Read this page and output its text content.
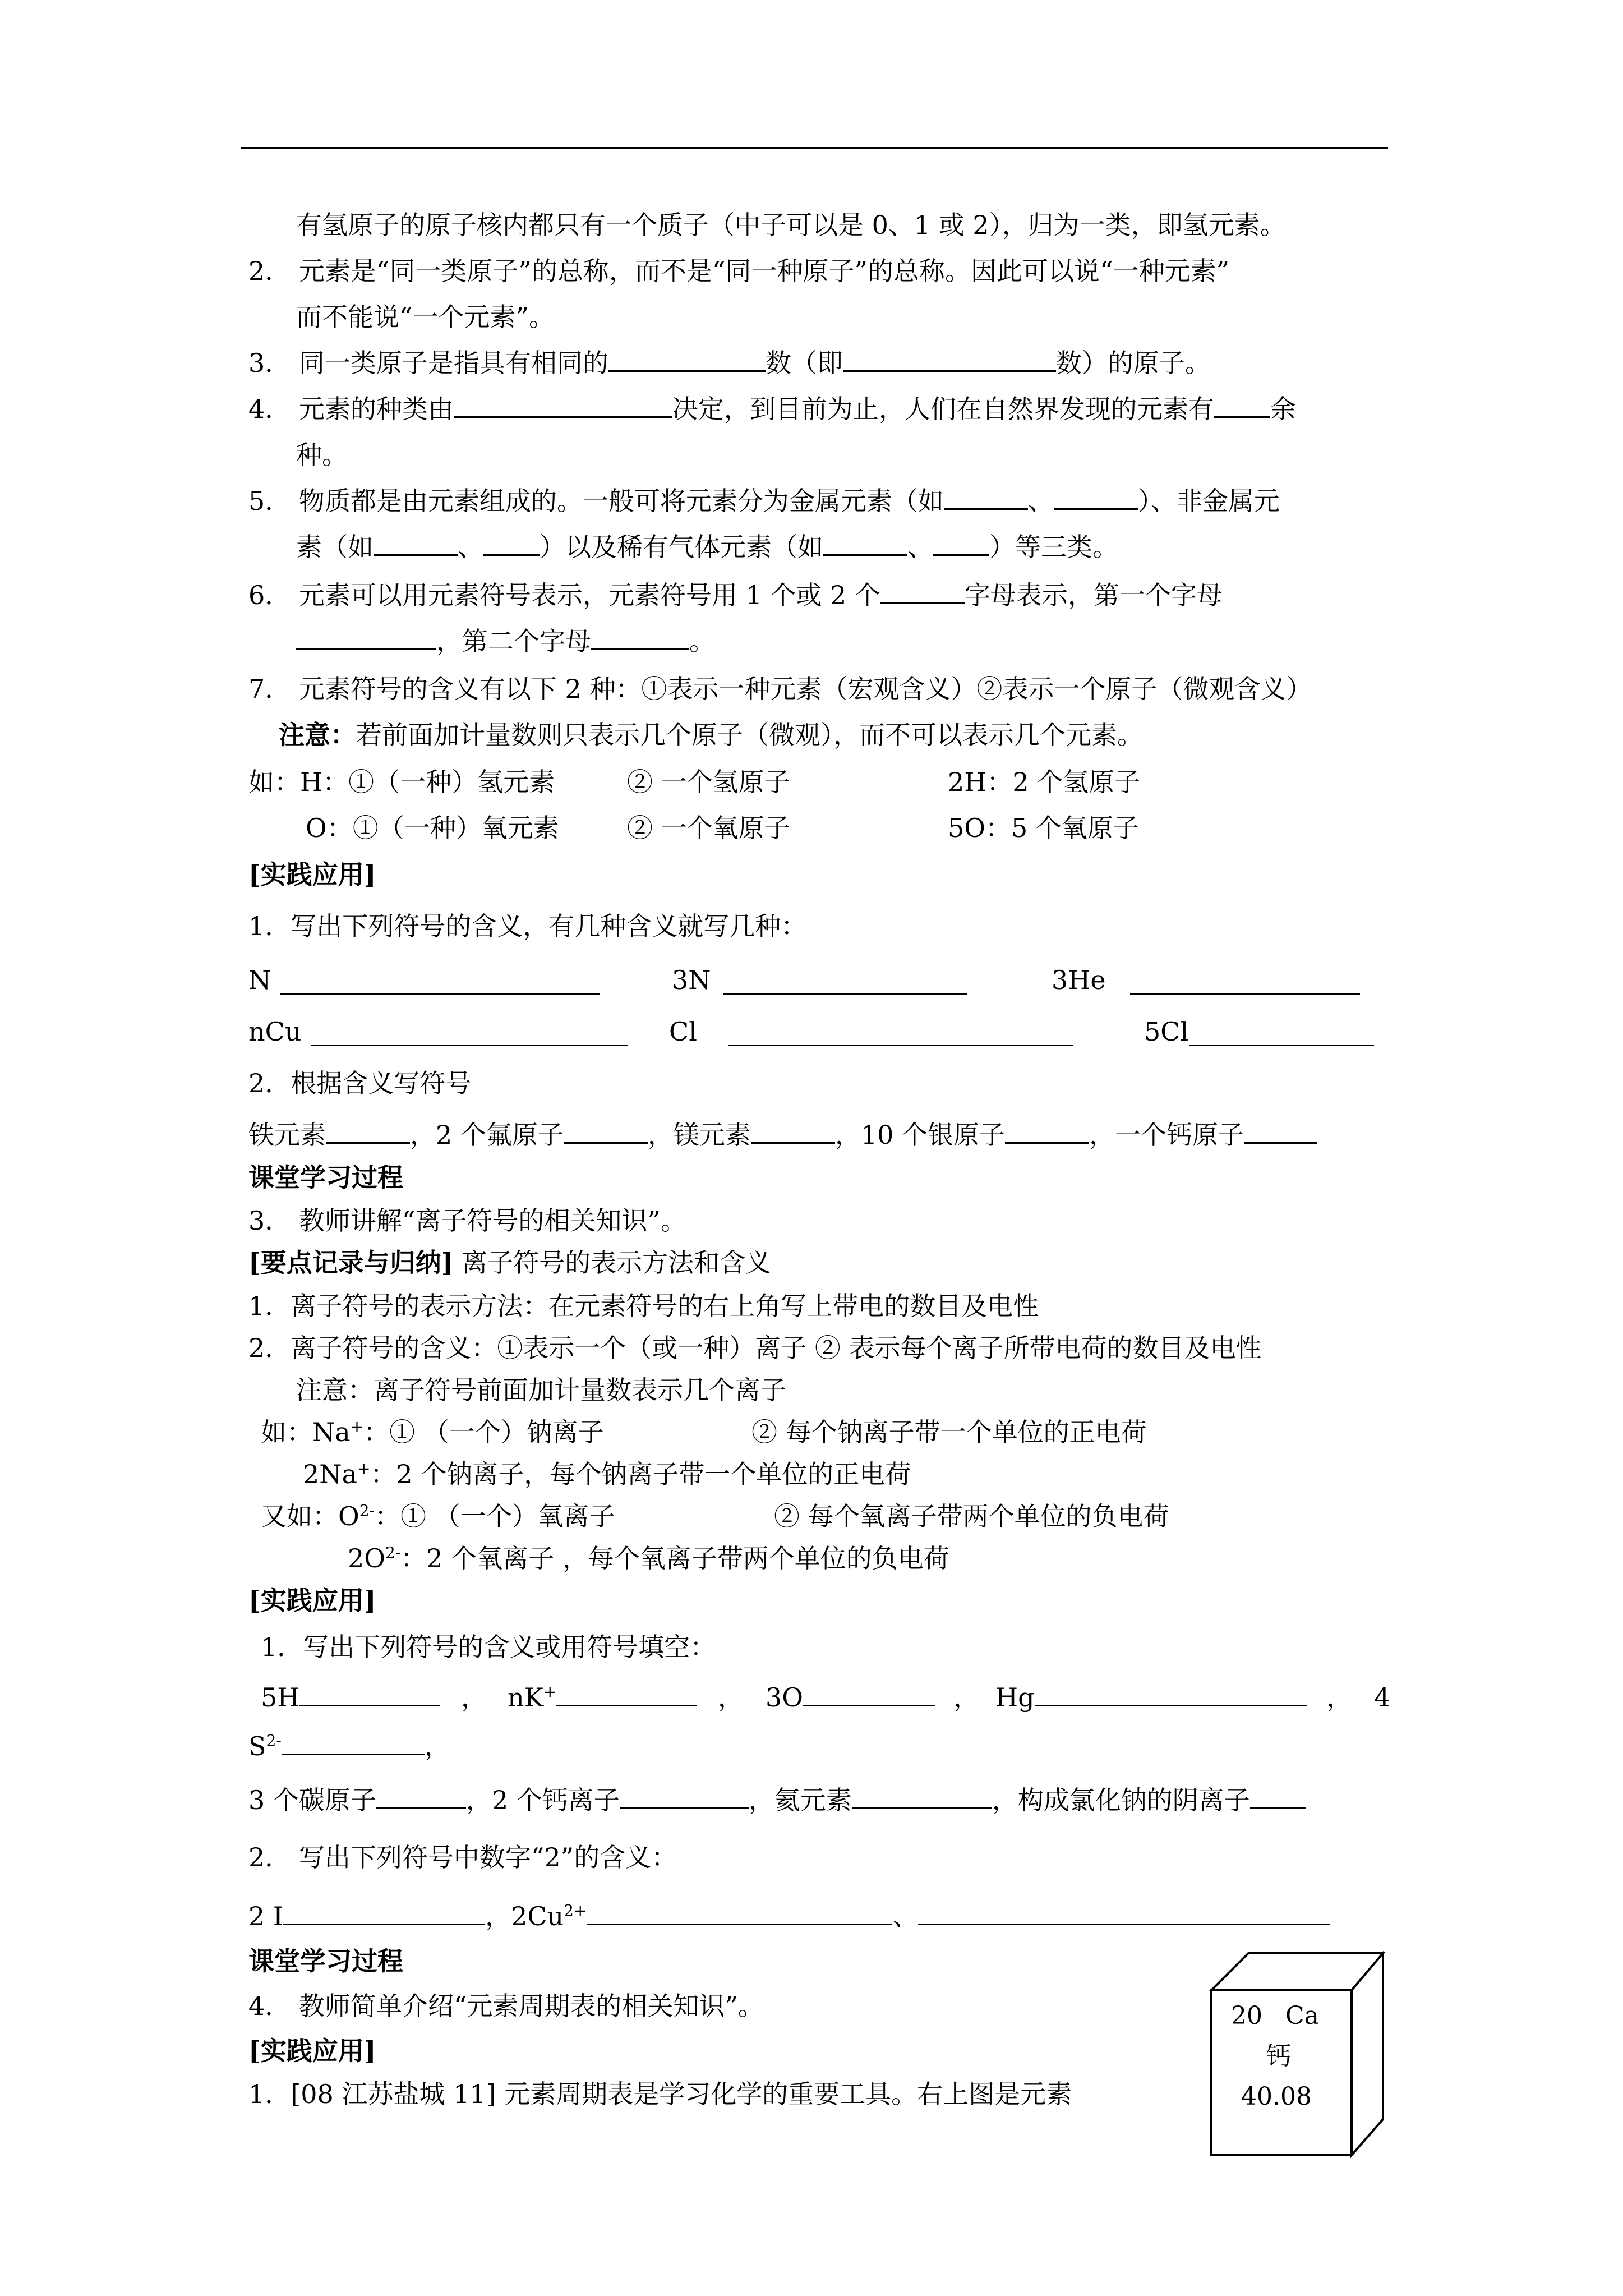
有氢原子的原子核内都只有一个质子（中子可以是 0、1 或 2），归为一类，即氢元素。
2． 元素是“同一类原子”的总称，而不是“同一种原子”的总称。因此可以说“一种元素”
而不能说“一个元素”。
3． 同一类原子是指具有相同的	数（即	数）的原子。
4． 元素的种类由	决定，到目前为止，人们在自然界发现的元素有 余
种。
5． 物质都是由元素组成的。一般可将元素分为金属元素（如	、	）、非金属元
素（如	、 ）以及稀有气体元素（如	、 ）等三类。
6． 元素可以用元素符号表示，元素符号用 1 个或 2 个	字母表示，第一个字母
，第二个字母	。
7． 元素符号的含义有以下 2 种：①表示一种元素（宏观含义）②表示一个原子（微观含义）
注意：若前面加计量数则只表示几个原子（微观），而不可以表示几个元素。
如：H：①（一种）氢元素	② 一个氢原子	2H：2 个氢原子
O：①（一种）氧元素	② 一个氧原子	5O：5 个氧原子
[实践应用]
1．写出下列符号的含义，有几种含义就写几种：
N	3N	3He
nCu	Cl	5Cl
2．根据含义写符号
铁元素	，2 个氟原子	，镁元素	，10 个银原子	，一个钙原子
课堂学习过程
3． 教师讲解“离子符号的相关知识”。
[要点记录与归纳] 离子符号的表示方法和含义
1．离子符号的表示方法：在元素符号的右上角写上带电的数目及电性
2．离子符号的含义：①表示一个（或一种）离子 ② 表示每个离子所带电荷的数目及电性
注意：离子符号前面加计量数表示几个离子
如：Na+：① （一个）钠离子	② 每个钠离子带一个单位的正电荷
2Na+：2 个钠离子，每个钠离子带一个单位的正电荷
又如：$O^{2-}$：① （一个）氧离子	② 每个氧离子带两个单位的负电荷
$2O^{2-}$：2 个氧离子 ，每个氧离子带两个单位的负电荷
[实践应用]
1．写出下列符号的含义或用符号填空：
5H	， nK+	， 3O	， Hg	， 4
$S^{2-}$	，
3 个碳原子	，2 个钙离子	，氦元素	，构成氯化钠的阴离子
2． 写出下列符号中数字“2”的含义：
2 I	，$2Cu^{2+}$	、
课堂学习过程
4． 教师简单介绍“元素周期表的相关知识”。
[实践应用]
1．[08 江苏盐城 11] 元素周期表是学习化学的重要工具。右上图是元素
20 Ca
钙
40.08
